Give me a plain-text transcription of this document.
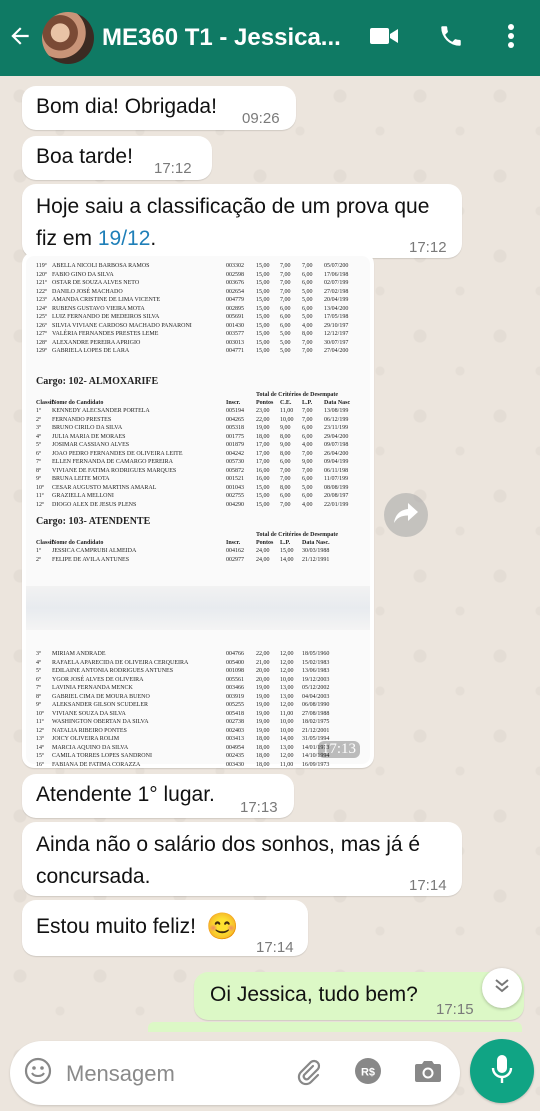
ME360 T1 - Jessica...
Bom dia! Obrigada!
09:26
Boa tarde!
17:12
Hoje saiu a classificação de um prova que
fiz em 19/12.	17:12
119º ABELLA NICOLI BARBOSA RAMOS	003302	15,00	7,00	7,00	05/07/200
120º FABIO GINO DA SILVA	002598	15,00	7,00	6,00	17/06/198
121º OSTAR DE SOUZA ALVES NETO	003676	15,00	7,00	6,00	02/07/199
122º DANILO JOSÉ MACHADO	002654	15,00	7,00	5,00	27/02/198
123º AMANDA CRISTINE DE LIMA VICENTE	004779	15,00	7,00	5,00	20/04/199
124º RUBENS GUSTAVO VIEIRA MOTA	002895	15,00	6,00	6,00	13/04/200
125º LUIZ FERNANDO DE MEDEIROS SILVA	005691	15,00	6,00	5,00	17/05/198
126º SILVIA VIVIANE CARDOSO MACHADO PANARONI	001430	15,00	6,00	4,00	29/10/197
127º VALÉRIA FERNANDES PRESTES LEME	003577	15,00	5,00	8,00	12/12/197
128º ALEXANDRE PEREIRA APRIGIO	003013	15,00	5,00	7,00	30/07/197
129º GABRIELA LOPES DE LARA	004771	15,00	5,00	7,00	27/04/200
Cargo: 102- ALMOXARIFE
Total de Critérios de Desempate
Classif.
Nome do Candidato	Inscr.	Pontos	C.E.	L.P.	Data Nasc
1º	KENNEDY ALECSANDER PORTELA	005194	23,00	11,00	7,00	13/08/199
2º	FERNANDO PRESTES	004265	22,00	10,00	7,00	06/12/199
3º	BRUNO CIRILO DA SILVA	005318	19,00	9,00	6,00	23/11/199
4º	JULIA MARIA DE MORAES	001775	18,00	8,00	6,00	29/04/200
5º	JOSIMAR CASSIANO ALVES	001879	17,00	9,00	4,00	09/07/198
6º	JOAO PEDRO FERNANDES DE OLIVEIRA LEITE	004242	17,00	8,00	7,00	26/04/200
7º	ELLEN FERNANDA DE CAMARGO PEREIRA	005730	17,00	6,00	9,00	09/04/199
8º	VIVIANE DE FATIMA RODRIGUES MARQUES	005872	16,00	7,00	7,00	06/11/198
9º	BRUNA LEITE MOTA	001521	16,00	7,00	6,00	11/07/199
10º	CESAR AUGUSTO MARTINS AMARAL	001043	15,00	8,00	5,00	08/08/199
11º	GRAZIELLA MELLONI	002755	15,00	6,00	6,00	20/08/197
12º	DIOGO ALEX DE JESUS PLENS	004290	15,00	7,00	4,00	22/01/199
Cargo: 103- ATENDENTE
Total de Critérios de Desempate
Classif.
Nome do Candidato	Inscr.	Pontos	L.P.	Data Nasc.
1º	JESSICA CAMPRUBI ALMEIDA	004162	24,00	15,00	30/03/1988
2º	FELIPE DE AVILA ANTUNES	002977	24,00	14,00	21/12/1991
3º	MIRIAM ANDRADE	004766	22,00	12,00	18/05/1960
4º	RAFAELA APARECIDA DE OLIVEIRA CERQUEIRA	005400	21,00	12,00	15/02/1983
5º	EDILAINE ANTONIA RODRIGUES ANTUNES	001098	20,00	12,00	13/06/1983
6º	YGOR JOSÉ ALVES DE OLIVEIRA	005561	20,00	10,00	19/12/2003
7º	LAVINIA FERNANDA MENCK	003466	19,00	13,00	05/12/2002
8º	GABRIEL CIMA DE MOURA BUENO	003919	19,00	13,00	04/04/2003
9º	ALEKSANDER GILSON SCUDELER	005255	19,00	12,00	06/08/1990
10º	VIVIANE SOUZA DA SILVA	005418	19,00	11,00	27/08/1988
11º	WASHINGTON OBERTAN DA SILVA	002738	19,00	10,00	18/02/1975
12º	NATALIA RIBEIRO PONTES	002403	19,00	10,00	21/12/2001
13º	JOICY OLIVEIRA ROLIM	003413	18,00	14,00	31/05/1994
14º	MARCIA AQUINO DA SILVA	004954	18,00	13,00	14/01/1973
15º	CAMILA TORRES LOPES SANDRONI	002435	18,00	12,00	14/10/1994
16º	FABIANA DE FATIMA CORAZZA	003430	18,00	11,00	16/09/1973
17:13
Atendente 1° lugar.
17:13
Ainda não o salário dos sonhos, mas já é
concursada.	17:14
Estou muito feliz! 😊
17:14
Oi Jessica, tudo bem?
17:15
Mensagem
R$
